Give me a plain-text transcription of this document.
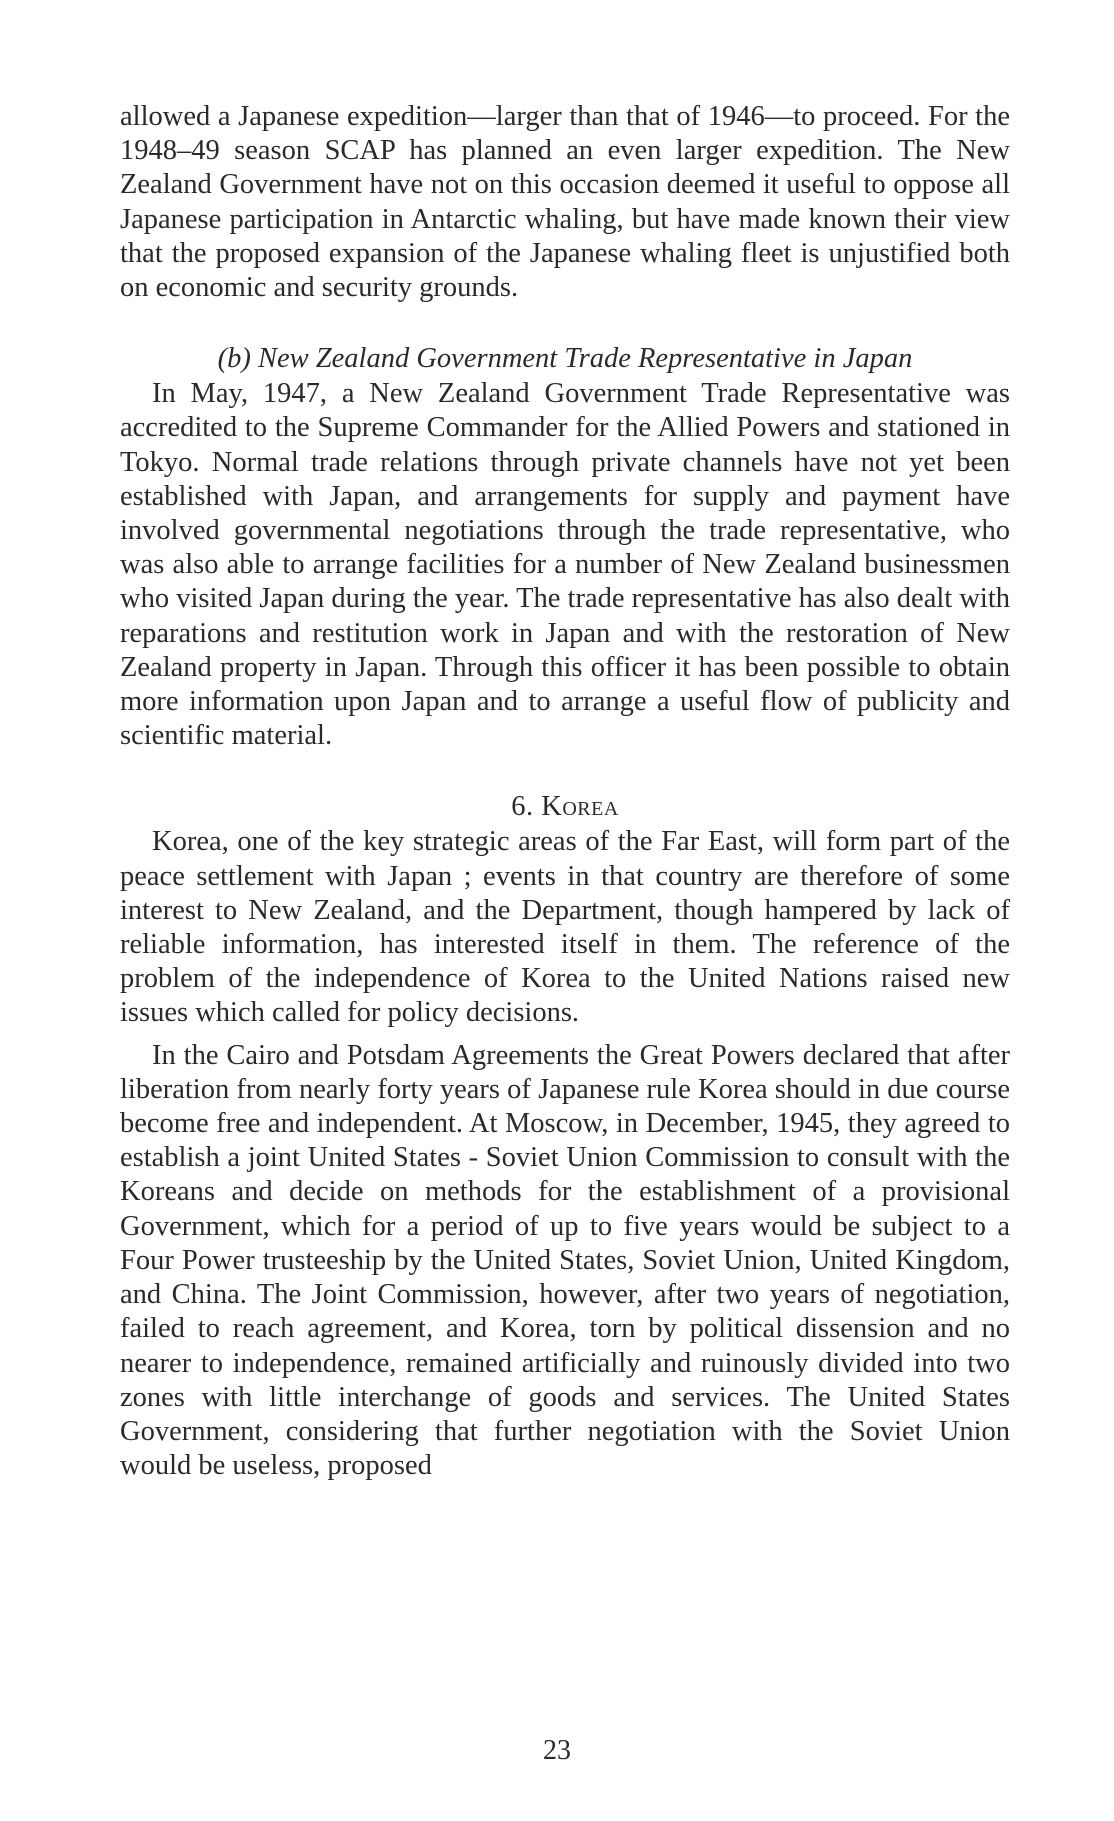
allowed a Japanese expedition—larger than that of 1946—to proceed. For the 1948–49 season SCAP has planned an even larger expedition. The New Zealand Government have not on this occasion deemed it useful to oppose all Japanese participation in Antarctic whaling, but have made known their view that the proposed expansion of the Japanese whaling fleet is unjustified both on economic and security grounds.

(b) New Zealand Government Trade Representative in Japan

In May, 1947, a New Zealand Government Trade Representative was accredited to the Supreme Commander for the Allied Powers and stationed in Tokyo. Normal trade relations through private channels have not yet been established with Japan, and arrangements for supply and payment have involved governmental negotiations through the trade representative, who was also able to arrange facilities for a number of New Zealand businessmen who visited Japan during the year. The trade representative has also dealt with reparations and restitution work in Japan and with the restoration of New Zealand property in Japan. Through this officer it has been possible to obtain more information upon Japan and to arrange a useful flow of publicity and scientific material.

6. Korea

Korea, one of the key strategic areas of the Far East, will form part of the peace settlement with Japan ; events in that country are therefore of some interest to New Zealand, and the Department, though hampered by lack of reliable information, has interested itself in them. The reference of the problem of the independence of Korea to the United Nations raised new issues which called for policy decisions.

In the Cairo and Potsdam Agreements the Great Powers declared that after liberation from nearly forty years of Japanese rule Korea should in due course become free and independent. At Moscow, in December, 1945, they agreed to establish a joint United States - Soviet Union Commission to consult with the Koreans and decide on methods for the establishment of a provisional Government, which for a period of up to five years would be subject to a Four Power trusteeship by the United States, Soviet Union, United Kingdom, and China. The Joint Commission, however, after two years of negotiation, failed to reach agreement, and Korea, torn by political dissension and no nearer to independence, remained artificially and ruinously divided into two zones with little interchange of goods and services. The United States Government, considering that further negotiation with the Soviet Union would be useless, proposed

23
